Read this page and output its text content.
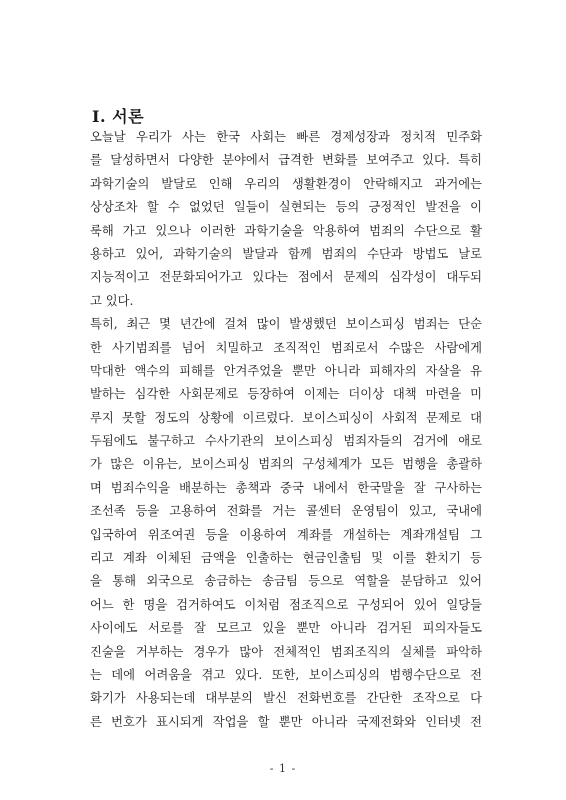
Ⅰ. 서론
오늘날 우리가 사는 한국 사회는 빠른 경제성장과 정치적 민주화
를 달성하면서 다양한 분야에서 급격한 변화를 보여주고 있다. 특히
과학기술의 발달로 인해 우리의 생활환경이 안락해지고 과거에는
상상조차 할 수 없었던 일들이 실현되는 등의 긍정적인 발전을 이
룩해 가고 있으나 이러한 과학기술을 악용하여 범죄의 수단으로 활
용하고 있어, 과학기술의 발달과 함께 범죄의 수단과 방법도 날로
지능적이고 전문화되어가고 있다는 점에서 문제의 심각성이 대두되
고 있다.
특히, 최근 몇 년간에 걸쳐 많이 발생했던 보이스피싱 범죄는 단순
한 사기범죄를 넘어 치밀하고 조직적인 범죄로서 수많은 사람에게
막대한 액수의 피해를 안겨주었을 뿐만 아니라 피해자의 자살을 유
발하는 심각한 사회문제로 등장하여 이제는 더이상 대책 마련을 미
루지 못할 정도의 상황에 이르렀다. 보이스피싱이 사회적 문제로 대
두됨에도 불구하고 수사기관의 보이스피싱 범죄자들의 검거에 애로
가 많은 이유는, 보이스피싱 범죄의 구성체계가 모든 범행을 총괄하
며 범죄수익을 배분하는 총책과 중국 내에서 한국말을 잘 구사하는
조선족 등을 고용하여 전화를 거는 콜센터 운영팀이 있고, 국내에
입국하여 위조여권 등을 이용하여 계좌를 개설하는 계좌개설팀 그
리고 계좌 이체된 금액을 인출하는 현금인출팀 및 이를 환치기 등
을 통해 외국으로 송금하는 송금팀 등으로 역할을 분담하고 있어
어느 한 명을 검거하여도 이처럼 점조직으로 구성되어 있어 일당들
사이에도 서로를 잘 모르고 있을 뿐만 아니라 검거된 피의자들도
진술을 거부하는 경우가 많아 전체적인 범죄조직의 실체를 파악하
는 데에 어려움을 겪고 있다. 또한, 보이스피싱의 범행수단으로 전
화기가 사용되는데 대부분의 발신 전화번호를 간단한 조작으로 다
른 번호가 표시되게 작업을 할 뿐만 아니라 국제전화와 인터넷 전
- 1 -
